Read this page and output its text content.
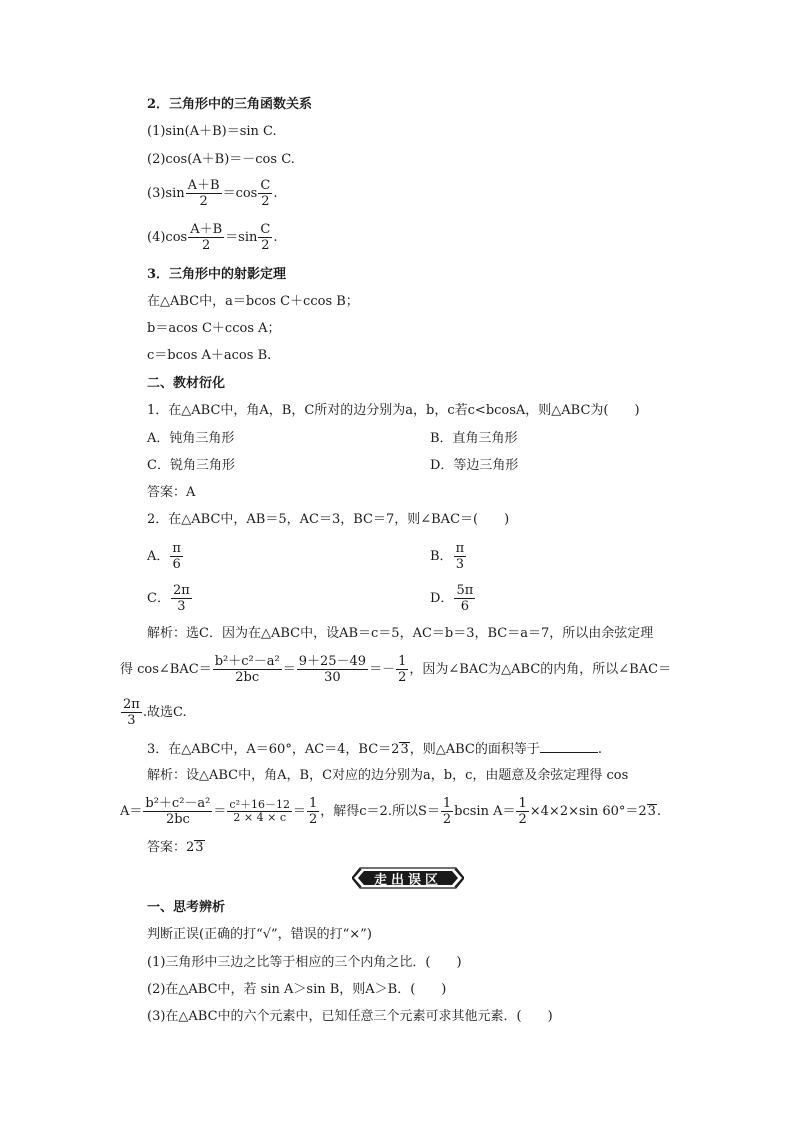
2．三角形中的三角函数关系
(1)sin(A＋B)＝sin C.
(2)cos(A＋B)＝－cos C.
$(3)\sin \frac{A+B}{2} =\cos \frac{C}{2}$ .
$(4)\cos \frac{A+B}{2} =\sin \frac{C}{2}$ .
3．三角形中的射影定理
在△ABC中，a＝bcos C＋ccos B；
b＝acos C＋ccos A；
c＝bcos A＋acos B.
二、教材衍化
1．在△ABC中，角A，B，C所对的边分别为a，b，c若c<bcosA，则△ABC为(　　)
A．钝角三角形	B．直角三角形
C．锐角三角形	D．等边三角形
答案：A
2．在△ABC中，AB＝5，AC＝3，BC＝7，则∠BAC＝(　　)
A． $\frac{\pi}{6}$	B． $\frac{\pi}{3}$
C． $\frac{2\pi}{3}$	D． $\frac{5\pi}{6}$
解析：选C．因为在△ABC中，设AB＝c＝5，AC＝b＝3，BC＝a＝7，所以由余弦定理
得 cos∠BAC＝ $\frac{\text{b²＋c²－a²}}{2bc} = \frac{9+25-49}{30} =- \frac{1}{2}$ ，因为∠BAC为△ABC的内角，所以∠BAC＝
$\frac{2\pi}{3}$ .故选C.
3．在△ABC中，A＝60°，AC＝4，BC＝23，则△ABC的面积等于	.
解析：设△ABC中，角A，B，C对应的边分别为a，b，c，由题意及余弦定理得 cos
$A= \frac{\text{b²＋c²－a²}}{2bc} = \frac{\text{c²＋16－12}}{2 \times 4 \times c} = \frac{1}{2}$ ，解得c＝2.所以$S= \frac{1}{2}$ bcsin $A= \frac{1}{2} \times 4\times 2\times\sin$ 60°＝23.
答案：23
走出误区
一、思考辨析
判断正误(正确的打“√”，错误的打“×”)
(1)三角形中三边之比等于相应的三个内角之比．(　　)
(2)在△ABC中，若 sin A＞sin B，则A＞B．(　　)
(3)在△ABC中的六个元素中，已知任意三个元素可求其他元素．(　　)
